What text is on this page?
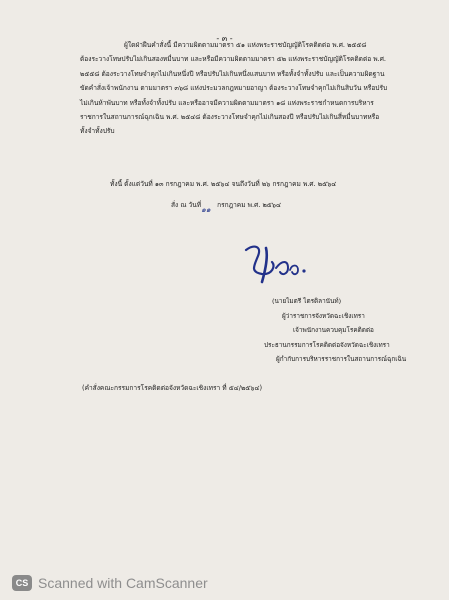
- ๓ -
ผู้ใดฝ่าฝืนคำสั่งนี้ มีความผิดตามมาตรา ๕๑ แห่งพระราชบัญญัติโรคติดต่อ พ.ศ. ๒๕๕๘
ต้องระวางโทษปรับไม่เกินสองหมื่นบาท และหรือมีความผิดตามมาตรา ๕๒ แห่งพระราชบัญญัติโรคติดต่อ พ.ศ.
๒๕๕๘ ต้องระวางโทษจำคุกไม่เกินหนึ่งปี หรือปรับไม่เกินหนึ่งแสนบาท หรือทั้งจำทั้งปรับ และเป็นความผิดฐาน
ขัดคำสั่งเจ้าพนักงาน ตามมาตรา ๓๖๘ แห่งประมวลกฎหมายอาญา ต้องระวางโทษจำคุกไม่เกินสิบวัน หรือปรับ
ไม่เกินห้าพันบาท หรือทั้งจำทั้งปรับ และหรืออาจมีความผิดตามมาตรา ๑๘ แห่งพระราชกำหนดการบริหาร
ราชการในสถานการณ์ฉุกเฉิน พ.ศ. ๒๕๔๘ ต้องระวางโทษจำคุกไม่เกินสองปี หรือปรับไม่เกินสี่หมื่นบาทหรือ
ทั้งจำทั้งปรับ
ทั้งนี้ ตั้งแต่วันที่ ๑๓ กรกฎาคม พ.ศ. ๒๕๖๔ จนถึงวันที่ ๒๖ กรกฎาคม พ.ศ. ๒๕๖๔
สั่ง ณ วันที่ ๑๑ กรกฎาคม พ.ศ. ๒๕๖๔
(นายไมตรี ไตรติลานันท์)
ผู้ว่าราชการจังหวัดฉะเชิงเทรา
เจ้าพนักงานควบคุมโรคติดต่อ
ประธานกรรมการโรคติดต่อจังหวัดฉะเชิงเทรา
ผู้กำกับการบริหารราชการในสถานการณ์ฉุกเฉิน
(คำสั่งคณะกรรมการโรคติดต่อจังหวัดฉะเชิงเทรา ที่ ๕๔/๒๕๖๔)
CS Scanned with CamScanner
